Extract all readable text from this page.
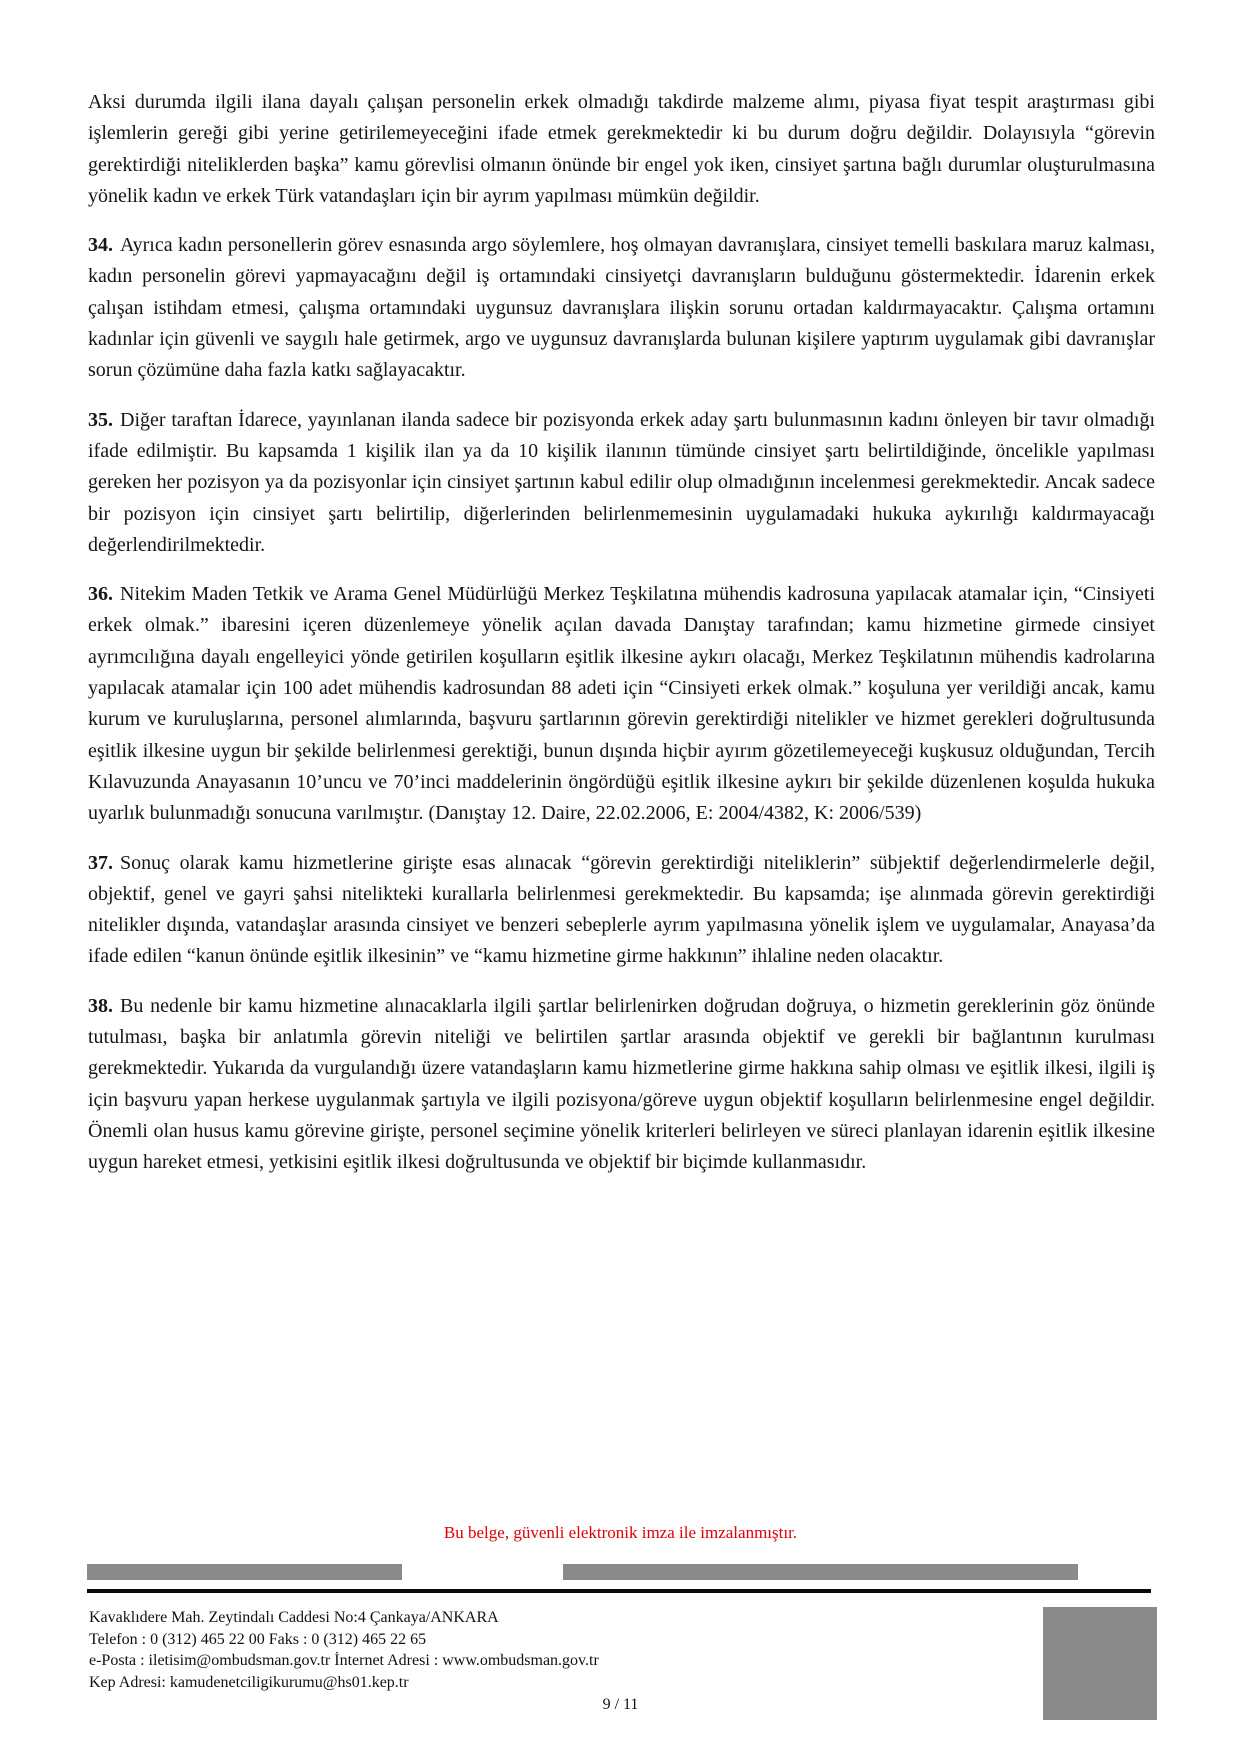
Aksi durumda ilgili ilana dayalı çalışan personelin erkek olmadığı takdirde malzeme alımı, piyasa fiyat tespit araştırması gibi işlemlerin gereği gibi yerine getirilemeyeceğini ifade etmek gerekmektedir ki bu durum doğru değildir. Dolayısıyla “görevin gerektirdiği niteliklerden başka” kamu görevlisi olmanın önünde bir engel yok iken, cinsiyet şartına bağlı durumlar oluşturulmasına yönelik kadın ve erkek Türk vatandaşları için bir ayrım yapılması mümkün değildir.

34. Ayrıca kadın personellerin görev esnasında argo söylemlere, hoş olmayan davranışlara, cinsiyet temelli baskılara maruz kalması, kadın personelin görevi yapmayacağını değil iş ortamındaki cinsiyetçi davranışların bulduğunu göstermektedir. İdarenin erkek çalışan istihdam etmesi, çalışma ortamındaki uygunsuz davranışlara ilişkin sorunu ortadan kaldırmayacaktır. Çalışma ortamını kadınlar için güvenli ve saygılı hale getirmek, argo ve uygunsuz davranışlarda bulunan kişilere yaptırım uygulamak gibi davranışlar sorun çözümüne daha fazla katkı sağlayacaktır.

35. Diğer taraftan İdarece, yayınlanan ilanda sadece bir pozisyonda erkek aday şartı bulunmasının kadını önleyen bir tavır olmadığı ifade edilmiştir. Bu kapsamda 1 kişilik ilan ya da 10 kişilik ilanının tümünde cinsiyet şartı belirtildiğinde, öncelikle yapılması gereken her pozisyon ya da pozisyonlar için cinsiyet şartının kabul edilir olup olmadığının incelenmesi gerekmektedir. Ancak sadece bir pozisyon için cinsiyet şartı belirtilip, diğerlerinden belirlenmemesinin uygulamadaki hukuka aykırılığı kaldırmayacağı değerlendirilmektedir.

36. Nitekim Maden Tetkik ve Arama Genel Müdürlüğü Merkez Teşkilatına mühendis kadrosuna yapılacak atamalar için, “Cinsiyeti erkek olmak.” ibaresini içeren düzenlemeye yönelik açılan davada Danıştay tarafından; kamu hizmetine girmede cinsiyet ayrımcılığına dayalı engelleyici yönde getirilen koşulların eşitlik ilkesine aykırı olacağı, Merkez Teşkilatının mühendis kadrolarına yapılacak atamalar için 100 adet mühendis kadrosundan 88 adeti için “Cinsiyeti erkek olmak.” koşuluna yer verildiği ancak, kamu kurum ve kuruluşlarına, personel alımlarında, başvuru şartlarının görevin gerektirdiği nitelikler ve hizmet gerekleri doğrultusunda eşitlik ilkesine uygun bir şekilde belirlenmesi gerektiği, bunun dışında hiçbir ayırım gözetilemeyeceği kuşkusuz olduğundan, Tercih Kılavuzunda Anayasanın 10’uncu ve 70’inci maddelerinin öngördüğü eşitlik ilkesine aykırı bir şekilde düzenlenen koşulda hukuka uyarlık bulunmadığı sonucuna varılmıştır. (Danıştay 12. Daire, 22.02.2006, E: 2004/4382, K: 2006/539)

37. Sonuç olarak kamu hizmetlerine girişte esas alınacak “görevin gerektirdiği niteliklerin” sübjektif değerlendirmelerle değil, objektif, genel ve gayri şahsi nitelikteki kurallarla belirlenmesi gerekmektedir. Bu kapsamda; işe alınmada görevin gerektirdiği nitelikler dışında, vatandaşlar arasında cinsiyet ve benzeri sebeplerle ayrım yapılmasına yönelik işlem ve uygulamalar, Anayasa’da ifade edilen “kanun önünde eşitlik ilkesinin” ve “kamu hizmetine girme hakkının” ihlaline neden olacaktır.

38. Bu nedenle bir kamu hizmetine alınacaklarla ilgili şartlar belirlenirken doğrudan doğruya, o hizmetin gereklerinin göz önünde tutulması, başka bir anlatımla görevin niteliği ve belirtilen şartlar arasında objektif ve gerekli bir bağlantının kurulması gerekmektedir. Yukarıda da vurgulandığı üzere vatandaşların kamu hizmetlerine girme hakkına sahip olması ve eşitlik ilkesi, ilgili iş için başvuru yapan herkese uygulanmak şartıyla ve ilgili pozisyona/göreve uygun objektif koşulların belirlenmesine engel değildir. Önemli olan husus kamu görevine girişte, personel seçimine yönelik kriterleri belirleyen ve süreci planlayan idarenin eşitlik ilkesine uygun hareket etmesi, yetkisini eşitlik ilkesi doğrultusunda ve objektif bir biçimde kullanmasıdır.

Bu belge, güvenli elektronik imza ile imzalanmıştır.
Kavaklıdere Mah. Zeytindalı Caddesi No:4 Çankaya/ANKARA
Telefon : 0 (312) 465 22 00 Faks : 0 (312) 465 22 65
e-Posta : iletisim@ombudsman.gov.tr İnternet Adresi : www.ombudsman.gov.tr
Kep Adresi: kamudenetciligikurumu@hs01.kep.tr
9 / 11
